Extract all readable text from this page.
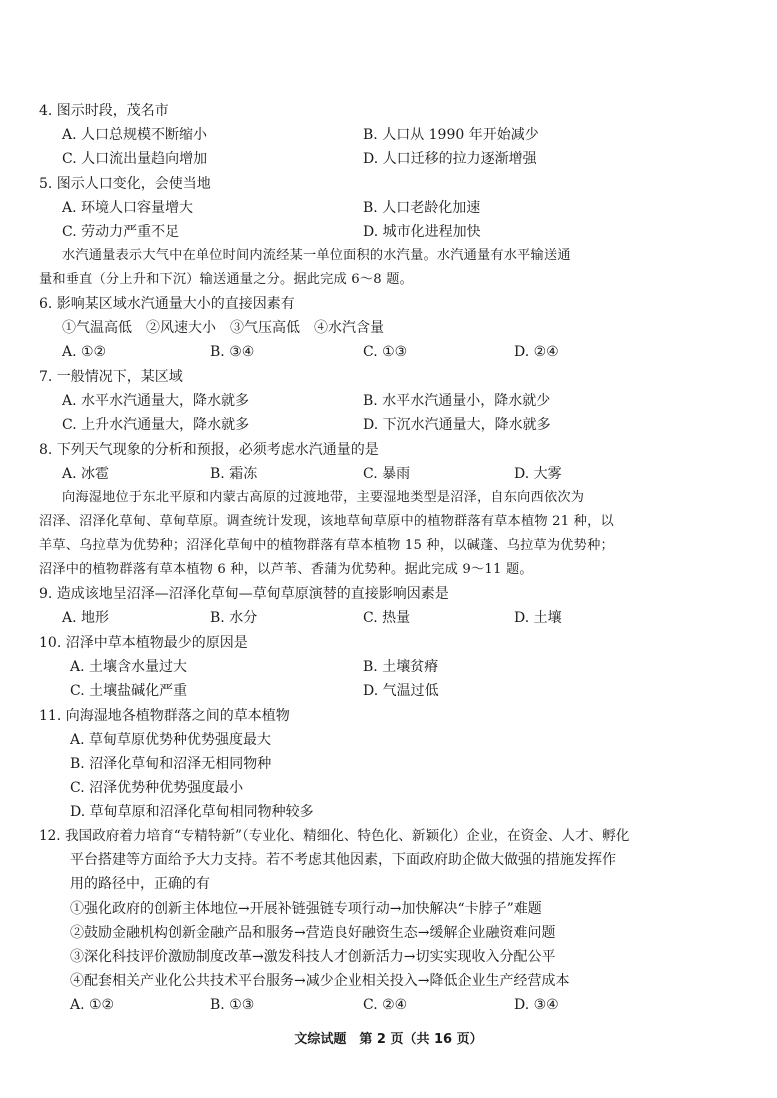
4. 图示时段，茂名市
A. 人口总规模不断缩小	B. 人口从 1990 年开始减少
C. 人口流出量趋向增加	D. 人口迁移的拉力逐渐增强
5. 图示人口变化，会使当地
A. 环境人口容量增大	B. 人口老龄化加速
C. 劳动力严重不足	D. 城市化进程加快
水汽通量表示大气中在单位时间内流经某一单位面积的水汽量。水汽通量有水平输送通
量和垂直（分上升和下沉）输送通量之分。据此完成 6～8 题。
6. 影响某区域水汽通量大小的直接因素有
①气温高低　②风速大小　③气压高低　④水汽含量
A. ①②	B. ③④	C. ①③	D. ②④
7. 一般情况下，某区域
A. 水平水汽通量大，降水就多	B. 水平水汽通量小，降水就少
C. 上升水汽通量大，降水就多	D. 下沉水汽通量大，降水就多
8. 下列天气现象的分析和预报，必须考虑水汽通量的是
A. 冰雹	B. 霜冻	C. 暴雨	D. 大雾
向海湿地位于东北平原和内蒙古高原的过渡地带，主要湿地类型是沼泽，自东向西依次为
沼泽、沼泽化草甸、草甸草原。调查统计发现，该地草甸草原中的植物群落有草本植物 21 种，以
羊草、乌拉草为优势种；沼泽化草甸中的植物群落有草本植物 15 种，以碱蓬、乌拉草为优势种；
沼泽中的植物群落有草本植物 6 种，以芦苇、香蒲为优势种。据此完成 9～11 题。
9. 造成该地呈沼泽—沼泽化草甸—草甸草原演替的直接影响因素是
A. 地形	B. 水分	C. 热量	D. 土壤
10. 沼泽中草本植物最少的原因是
A. 土壤含水量过大	B. 土壤贫瘠
C. 土壤盐碱化严重	D. 气温过低
11. 向海湿地各植物群落之间的草本植物
A. 草甸草原优势种优势强度最大
B. 沼泽化草甸和沼泽无相同物种
C. 沼泽优势种优势强度最小
D. 草甸草原和沼泽化草甸相同物种较多
12. 我国政府着力培育“专精特新”（专业化、精细化、特色化、新颖化）企业，在资金、人才、孵化
平台搭建等方面给予大力支持。若不考虑其他因素，下面政府助企做大做强的措施发挥作
用的路径中，正确的有
①强化政府的创新主体地位→开展补链强链专项行动→加快解决“卡脖子”难题
②鼓励金融机构创新金融产品和服务→营造良好融资生态→缓解企业融资难问题
③深化科技评价激励制度改革→激发科技人才创新活力→切实实现收入分配公平
④配套相关产业化公共技术平台服务→减少企业相关投入→降低企业生产经营成本
A. ①②	B. ①③	C. ②④	D. ③④
文综试题　第 2 页（共 16 页）
